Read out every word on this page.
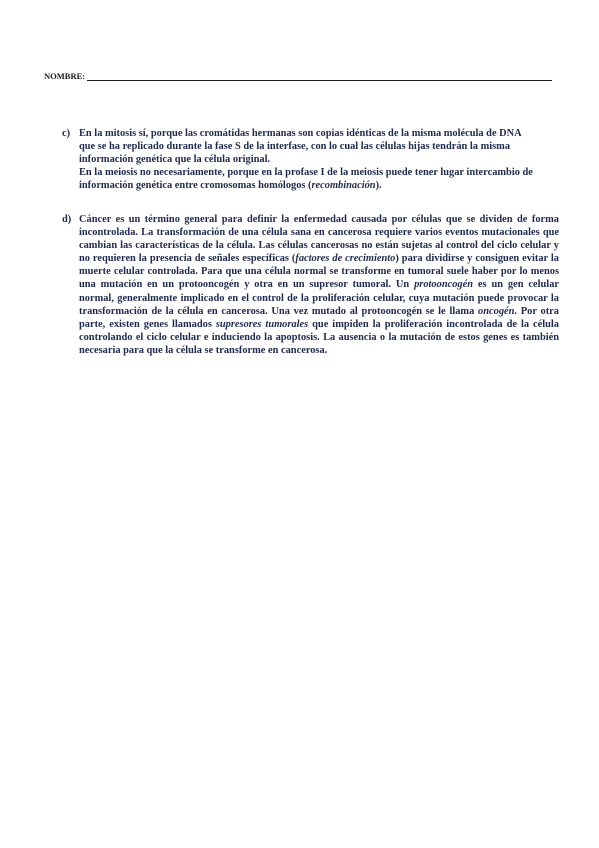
NOMBRE:
c) En la mitosis sí, porque las cromátidas hermanas son copias idénticas de la misma molécula de DNA que se ha replicado durante la fase S de la interfase, con lo cual las células hijas tendrán la misma información genética que la célula original.

En la meiosis no necesariamente, porque en la profase I de la meiosis puede tener lugar intercambio de información genética entre cromosomas homólogos (recombinación).

d) Cáncer es un término general para definir la enfermedad causada por células que se dividen de forma incontrolada. La transformación de una célula sana en cancerosa requiere varios eventos mutacionales que cambian las características de la célula. Las células cancerosas no están sujetas al control del ciclo celular y no requieren la presencia de señales específicas (factores de crecimiento) para dividirse y consiguen evitar la muerte celular controlada. Para que una célula normal se transforme en tumoral suele haber por lo menos una mutación en un protooncogén y otra en un supresor tumoral. Un protooncogén es un gen celular normal, generalmente implicado en el control de la proliferación celular, cuya mutación puede provocar la transformación de la célula en cancerosa. Una vez mutado al protooncogén se le llama oncogén. Por otra parte, existen genes llamados supresores tumorales que impiden la proliferación incontrolada de la célula controlando el ciclo celular e induciendo la apoptosis. La ausencia o la mutación de estos genes es también necesaria para que la célula se transforme en cancerosa.
